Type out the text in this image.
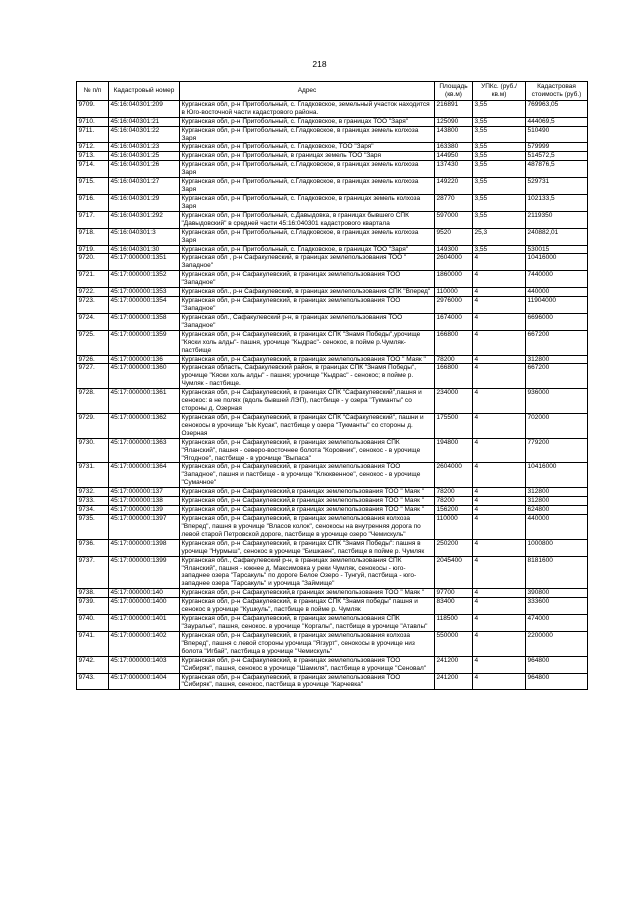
218
№ п/п	Кадастровый номер	Адрес	Площадь (кв.м)	УПКс. (руб./кв.м)	Кадастровая стоимость (руб.)
9709.	45:16:040301:209	Курганская обл, р-н Притобольный, с. Гладковское, земельный участок находится в Юго-восточной части кадастрового района.	216891	3,55	769963,05
9710.	45:16:040301:21	Курганская обл, р-н Притобольный, с. Гладковское, в границах ТОО "Заря"	125090	3,55	444069,5
9711.	45:16:040301:22	Курганская обл, р-н Притобольный, с.Гладковское, в границах земель колхоза Заря	143800	3,55	510490
9712.	45:16:040301:23	Курганская обл, р-н Притобольный, с. Гладковское, ТОО "Заря"	163380	3,55	579999
9713.	45:16:040301:25	Курганская обл, р-н Притобольный, в границах земель ТОО "Заря	144950	3,55	514572,5
9714.	45:16:040301:26	Курганская обл, р-н Притобольный, с.Гладковское, в границах земель колхоза Заря	137430	3,55	487876,5
9715.	45:16:040301:27	Курганская обл, р-н Притобольный, с.Гладковское, в границах земель колхоза Заря	149220	3,55	529731
9716.	45:16:040301:29	Курганская обл, р-н Притобольный, с. Гладковское, в границах земель колхоза Заря	28770	3,55	102133,5
9717.	45:16:040301:292	Курганская обл, р-н Притобольный, с.Давыдовка, в границах бывшего СПК "Давыдовский" в средней части 45:16:040301 кадастрового квартала	597000	3,55	2119350
9718.	45:16:040301:3	Курганская обл, р-н Притобольный, с.Гладковское, в границах земель колхоза Заря	9520	25,3	240882,01
9719.	45:16:040301:30	Курганская обл, р-н Притобольный, с. Гладковское, в границах ТОО "Заря"	149300	3,55	530015
9720.	45:17:000000:1351	Курганская обл , р-н Сафакулевский, в границах землепользования ТОО " Западное"	2604000	4	10416000
9721.	45:17:000000:1352	Курганская обл, р-н Сафакулевский, в границах землепользования ТОО "Западное"	1860000	4	7440000
9722.	45:17:000000:1353	Курганская обл., р-н Сафакулевский, в границах землепользования СПК "Вперед"	110000	4	440000
9723.	45:17:000000:1354	Курганская обл, р-н Сафакулевский, в границах землепользования ТОО "Западное"	2976000	4	11904000
9724.	45:17:000000:1358	Курганская обл., Сафакулевский р-н, в границах землепользования ТОО "Западное"	1674000	4	6696000
9725.	45:17:000000:1359	Курганская обл, р-н Сафакулевский, в границах СПК "Знамя Победы",урочище "Кяски холь алды"- пашня, урочище "Кыдрас"- сенокос, в пойме р.Чумляк- пастбище	166800	4	667200
9726.	45:17:000000:136	Курганская обл, р-н Сафакулевский, в границах землепользования ТОО " Маяк "	78200	4	312800
9727.	45:17:000000:1360	Курганская область, Сафакулевский район, в границах СПК "Знамя Победы", урочище "Кяски холь алды" - пашня; урочище "Кыдрас" - сенокос; в пойме р. Чумляк - пастбище.	166800	4	667200
9728.	45:17:000000:1361	Курганская обл, р-н Сафакулевский, в границах СПК "Сафакулевский",пашня и сенокос: в не полях (вдоль бывшей ЛЭП), пастбище - у озера "Тукманты" со стороны д. Озерная	234000	4	936000
9729.	45:17:000000:1362	Курганская обл, р-н Сафакулевский, в границах СПК "Сафакулевский", пашни и сенокосы в урочище "Ык Кусак", пастбище у озера "Тукманты" со стороны д. Озерная	175500	4	702000
9730.	45:17:000000:1363	Курганская обл, р-н Сафакулевский, в границах землепользования СПК "Яланский", пашня - северо-восточнее болота "Коровник", сенокос - в урочище "Ягодное", пастбище - в урочище "Выпаса"	194800	4	779200
9731.	45:17:000000:1364	Курганская обл, р-н Сафакулевский, в границах землепользования ТОО "Западное", пашня и пастбище - в урочище "Клюквенное", сенокос - в урочище "Сумачное"	2604000	4	10416000
9732.	45:17:000000:137	Курганская обл, р-н Сафакулевский,в границах землепользования ТОО " Маяк "	78200	4	312800
9733.	45:17:000000:138	Курганская обл, р-н Сафакулевский,в границах землепользования ТОО " Маяк "	78200	4	312800
9734.	45:17:000000:139	Курганская обл, р-н Сафакулевский,в границах землепользования ТОО " Маяк "	156200	4	624800
9735.	45:17:000000:1397	Курганская обл, р-н Сафакулевский, в границах землепользования колхоза "Вперед", пашня в урочище "Власов колок", сенокосы на внутренняя дорога по левой старой Петровской дороге, пастбище в урочище озеро "Чемискуль"	110000	4	440000
9736.	45:17:000000:1398	Курганская обл, р-н Сафакулевский, в границах СПК "Знамя Победы": пашня в урочище "Нурмыш", сенокос в урочище "Бишкаен", пастбище в пойме р. Чумляк	250200	4	1000800
9737.	45:17:000000:1399	Курганская обл., Сафакулевский р-н, в границах землепользования СПК "Яланский", пашня - южнее д. Максимовка у реки Чумляк, сенокосы - юго-западнее озера "Тарсакуль" по дороге Белое Озеро - Тунгуй, пастбища - юго-западнее озера "Тарсакуль" и урочища "Займище"	2045400	4	8181600
9738.	45:17:000000:140	Курганская обл, р-н Сафакулевский,в границах землепользования ТОО " Маяк "	97700	4	390800
9739.	45:17:000000:1400	Курганская обл, р-н Сафакулевский, в границах СПК "Знамя победы" пашня и сенокос в урочище "Кушкуль", пастбище в пойме р. Чумляк	83400	4	333600
9740.	45:17:000000:1401	Курганская обл, р-н Сафакулевский, в границах землепользования СПК "Зауралье", пашня, сенокос. в урочище "Коргалы", пастбище в урочище "Атавлы"	118500	4	474000
9741.	45:17:000000:1402	Курганская обл, р-н Сафакулевский, в границах землепользования колхоза "Вперед", пашня с левой стороны урочища "Ягзурт", сенокосы в урочище низ болота "Игбай", пастбища в урочище "Чемискуль"	550000	4	2200000
9742.	45:17:000000:1403	Курганская обл, р-н Сафакулевский, в границах землепользования ТОО "Сибиряк", пашня, сенокос в урочище "Шамиля", пастбище в урочище "Сеновал"	241200	4	964800
9743.	45:17:000000:1404	Курганская обл, р-н Сафакулевский, в границах землепользования ТОО "Сибиряк", пашня, сенокос, пастбища в урочище "Карчевка"	241200	4	964800
